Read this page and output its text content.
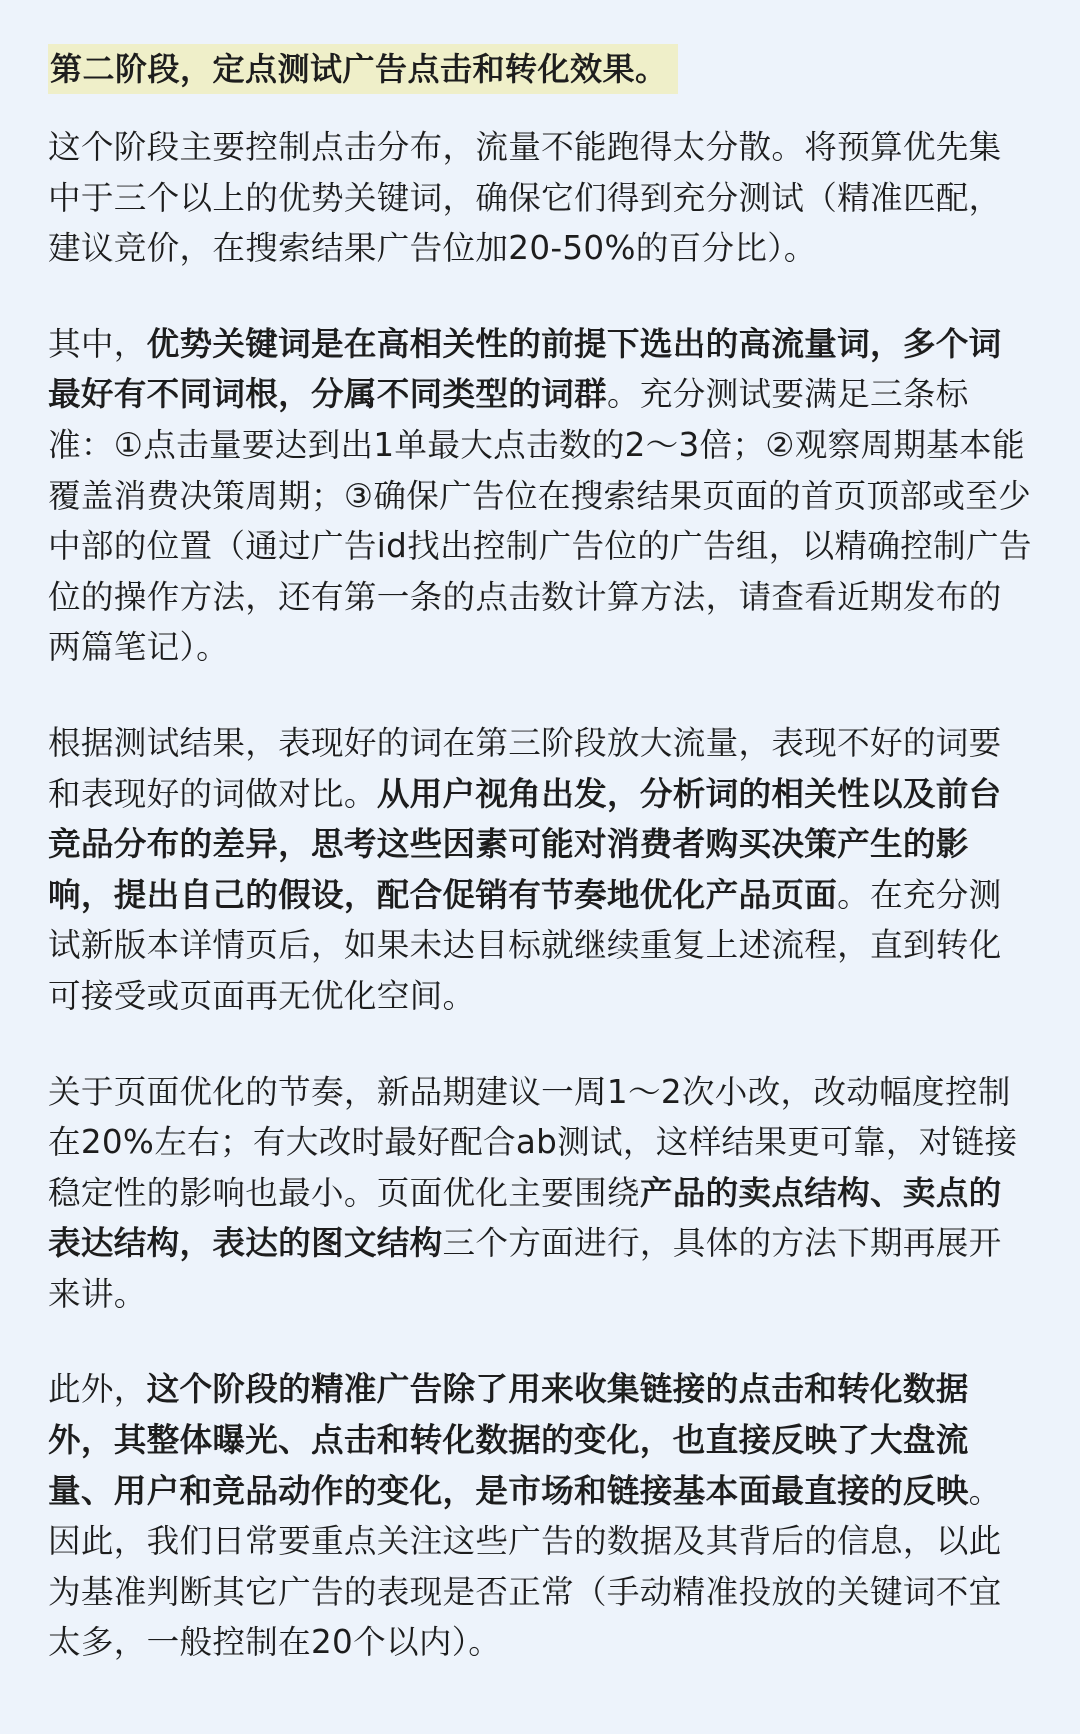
第二阶段，定点测试广告点击和转化效果。

这个阶段主要控制点击分布，流量不能跑得太分散。将预算优先集中于三个以上的优势关键词，确保它们得到充分测试（精准匹配，建议竞价，在搜索结果广告位加20-50%的百分比）。

其中，优势关键词是在高相关性的前提下选出的高流量词，多个词最好有不同词根，分属不同类型的词群。充分测试要满足三条标准：①点击量要达到出1单最大点击数的2～3倍；②观察周期基本能覆盖消费决策周期；③确保广告位在搜索结果页面的首页顶部或至少中部的位置（通过广告id找出控制广告位的广告组，以精确控制广告位的操作方法，还有第一条的点击数计算方法，请查看近期发布的两篇笔记）。

根据测试结果，表现好的词在第三阶段放大流量，表现不好的词要和表现好的词做对比。从用户视角出发，分析词的相关性以及前台竞品分布的差异，思考这些因素可能对消费者购买决策产生的影响，提出自己的假设，配合促销有节奏地优化产品页面。在充分测试新版本详情页后，如果未达目标就继续重复上述流程，直到转化可接受或页面再无优化空间。

关于页面优化的节奏，新品期建议一周1～2次小改，改动幅度控制在20%左右；有大改时最好配合ab测试，这样结果更可靠，对链接稳定性的影响也最小。页面优化主要围绕产品的卖点结构、卖点的表达结构，表达的图文结构三个方面进行，具体的方法下期再展开来讲。

此外，这个阶段的精准广告除了用来收集链接的点击和转化数据外，其整体曝光、点击和转化数据的变化，也直接反映了大盘流量、用户和竞品动作的变化，是市场和链接基本面最直接的反映。因此，我们日常要重点关注这些广告的数据及其背后的信息，以此为基准判断其它广告的表现是否正常（手动精准投放的关键词不宜太多，一般控制在20个以内）。
